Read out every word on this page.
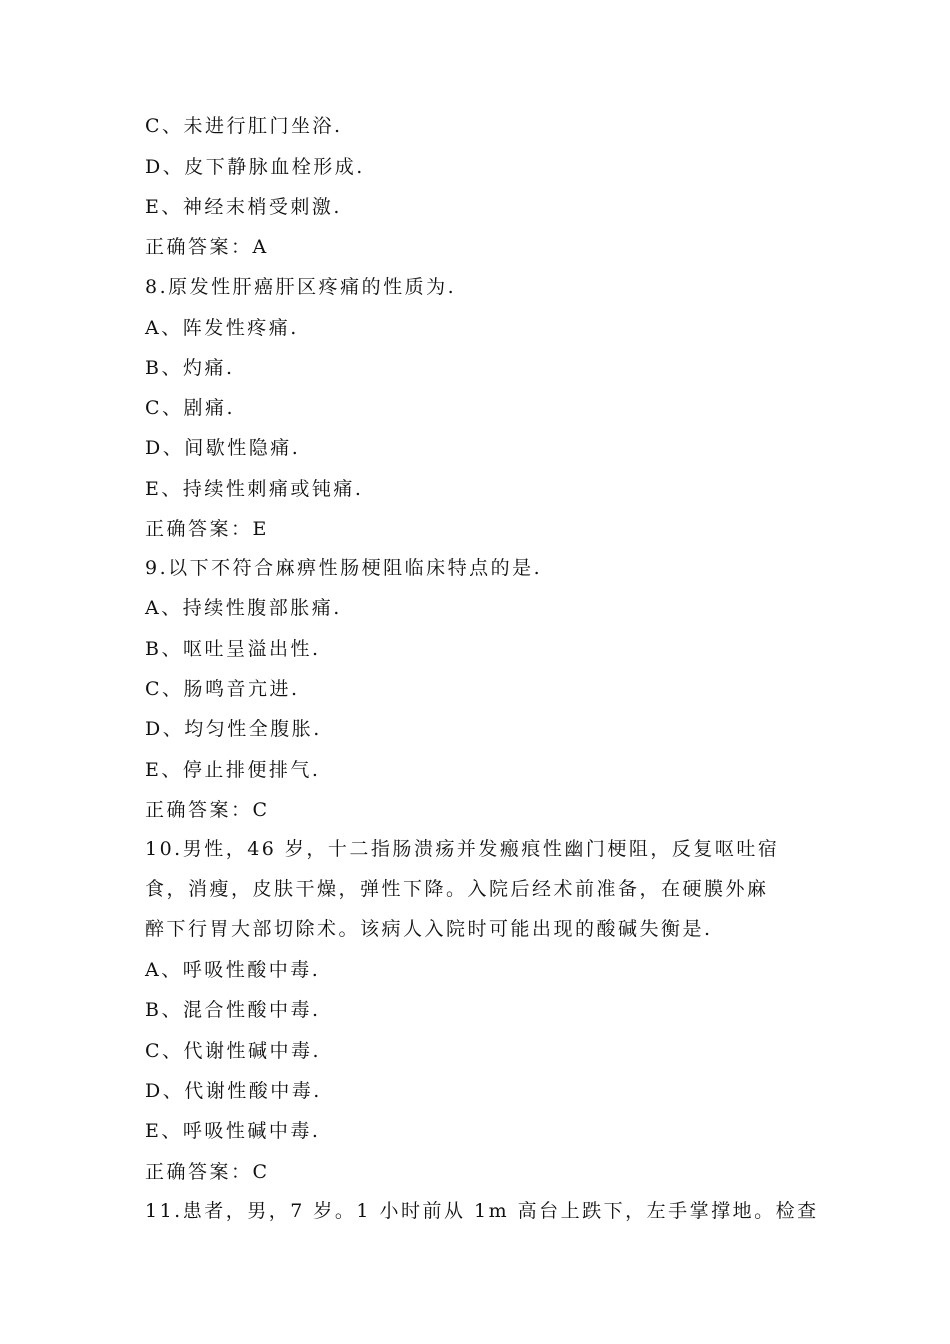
C、未进行肛门坐浴.
D、皮下静脉血栓形成.
E、神经末梢受刺激.
正确答案：A
8.原发性肝癌肝区疼痛的性质为.
A、阵发性疼痛.
B、灼痛.
C、剧痛.
D、间歇性隐痛.
E、持续性刺痛或钝痛.
正确答案：E
9.以下不符合麻痹性肠梗阻临床特点的是.
A、持续性腹部胀痛.
B、呕吐呈溢出性.
C、肠鸣音亢进.
D、均匀性全腹胀.
E、停止排便排气.
正确答案：C
10.男性，46 岁，十二指肠溃疡并发瘢痕性幽门梗阻，反复呕吐宿
食，消瘦，皮肤干燥，弹性下降。入院后经术前准备，在硬膜外麻
醉下行胃大部切除术。该病人入院时可能出现的酸碱失衡是.
A、呼吸性酸中毒.
B、混合性酸中毒.
C、代谢性碱中毒.
D、代谢性酸中毒.
E、呼吸性碱中毒.
正确答案：C
11.患者，男，7 岁。1 小时前从 1m 高台上跌下，左手掌撑地。检查
